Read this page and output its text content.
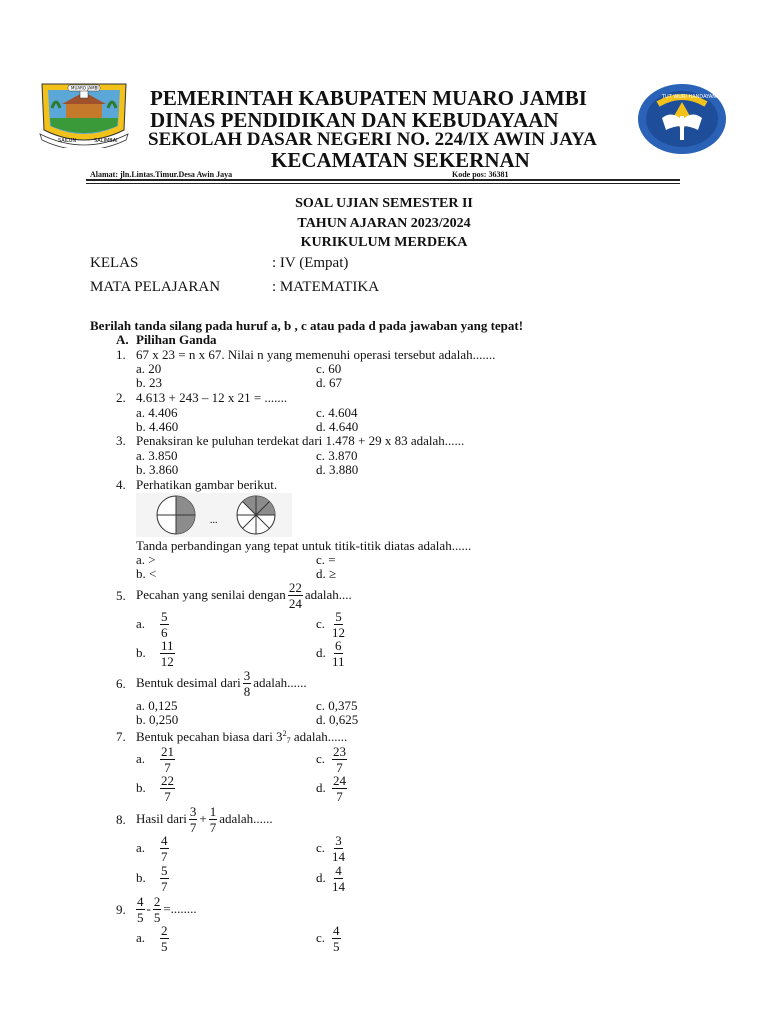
SAILUN	SALIMBAI
MUARO JAMBI
TUT WURI HANDAYANI
PEMERINTAH KABUPATEN MUARO JAMBI
DINAS PENDIDIKAN DAN KEBUDAYAAN
SEKOLAH DASAR NEGERI NO. 224/IX AWIN JAYA
KECAMATAN SEKERNAN
Alamat: jln.Lintas.Timur.Desa Awin Jaya	Kode pos: 36381
SOAL UJIAN SEMESTER II
TAHUN AJARAN 2023/2024
KURIKULUM MERDEKA
KELAS	: IV (Empat)
MATA PELAJARAN	: MATEMATIKA
Berilah tanda silang pada huruf a, b , c atau pada d pada jawaban yang tepat!
A. Pilihan Ganda
1. 67 x 23 = n x 67. Nilai n yang memenuhi operasi tersebut adalah.......
a. 20	c. 60
b. 23	d. 67
2. 4.613 + 243 – 12 x 21 = .......
a. 4.406	c. 4.604
b. 4.460	d. 4.640
3. Penaksiran ke puluhan terdekat dari 1.478 + 29 x 83 adalah......
a. 3.850	c. 3.870
b. 3.860	d. 3.880
4. Perhatikan gambar berikut.
...
Tanda perbandingan yang tepat untuk titik-titik diatas adalah......
a. >	c. =
b. <	d. ≥
5. Pecahan yang senilai dengan $\frac{22}{24}$ adalah....
a.	$\frac{5}{6}$	c. $\frac{5}{12}$
b.	$\frac{11}{12}$	d. $\frac{6}{11}$
6. Bentuk desimal dari $\frac{3}{8}$ adalah......
a. 0,125	c. 0,375
b. 0,250	d. 0,625
7. Bentuk pecahan biasa dari $3^27$ adalah......
a.	$\frac{21}{7}$	c. $\frac{23}{7}$
b.	$\frac{22}{7}$	d. $\frac{24}{7}$
8. Hasil dari $\frac{3}{7} + \frac{1}{7}$ adalah......
a.	$\frac{4}{7}$	c. $\frac{3}{14}$
b.	$\frac{5}{7}$	d. $\frac{4}{14}$
9. $\frac{4}{5} - \frac{2}{5}$ =........
a.	$\frac{2}{5}$	c. $\frac{4}{5}$
